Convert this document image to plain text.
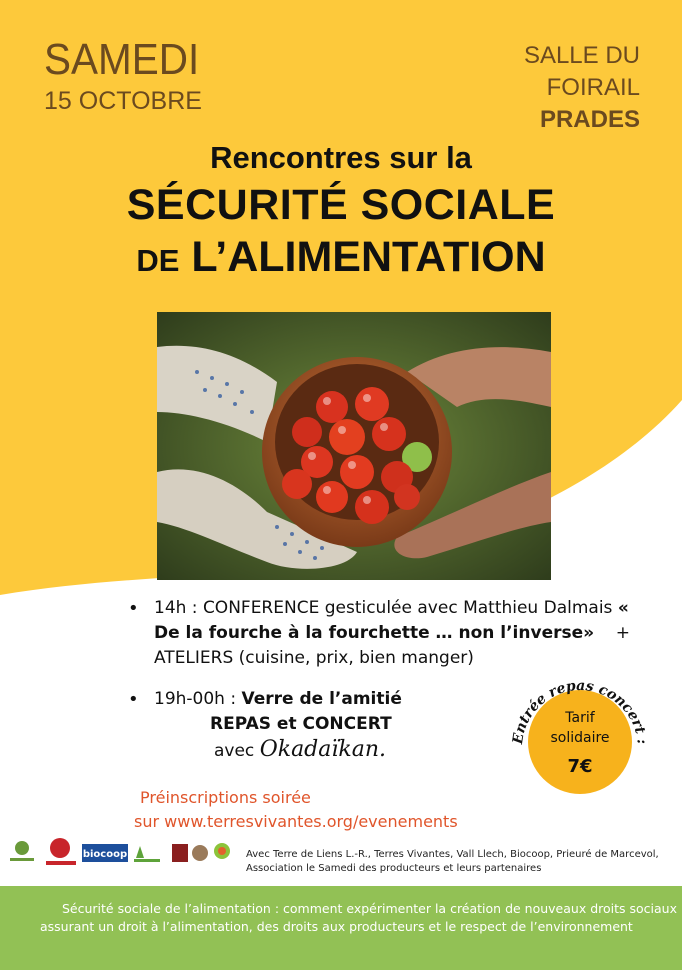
SAMEDI
15 OCTOBRE
SALLE DU
FOIRAIL
PRADES
Rencontres sur la
SÉCURITÉ SOCIALE
DE L’ALIMENTATION
• 14h : CONFERENCE gesticulée avec Matthieu Dalmais « De la fourche à la fourchette … non l’inverse» + ATELIERS (cuisine, prix, bien manger)
• 19h-00h : Verre de l’amitié
REPAS et CONCERT
avec Okadaïkan.
Tarif
solidaire
7€
Entrée repas concert :
Préinscriptions soirée
sur www.terresvivantes.org/evenements
biocoop	Avec Terre de Liens L.-R., Terres Vivantes, Vall Llech, Biocoop, Prieuré de Marcevol,
Association le Samedi des producteurs et leurs partenaires
Sécurité sociale de l’alimentation : comment expérimenter la création de nouveaux droits sociaux
assurant un droit à l’alimentation, des droits aux producteurs et le respect de l’environnement
